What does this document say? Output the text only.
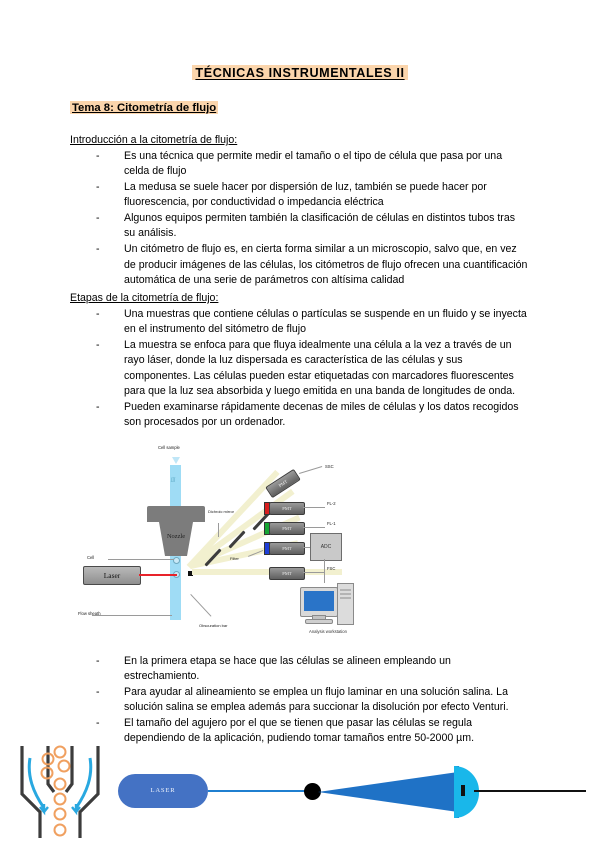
TÉCNICAS INSTRUMENTALES II
Tema 8: Citometría de flujo
Introducción a la citometría de flujo:
- Es una técnica que permite medir el tamaño o el tipo de célula que pasa por una celda de flujo
- La medusa se suele hacer por dispersión de luz, también se puede hacer por fluorescencia, por conductividad o impedancia eléctrica
- Algunos equipos permiten también la clasificación de células en distintos tubos tras su análisis.
- Un citómetro de flujo es, en cierta forma similar a un microscopio, salvo que, en vez de producir imágenes de las células, los citómetros de flujo ofrecen una cuantificación automática de una serie de parámetros con altísima calidad
Etapas de la citometría de flujo:
- Una muestras que contiene células o partículas se suspende en un fluido y se inyecta en el instrumento del sitómetro de flujo
- La muestra se enfoca para que fluya idealmente una célula a la vez a través de un rayo láser, donde la luz dispersada es característica de las células y sus componentes. Las células pueden estar etiquetadas con marcadores fluorescentes para que la luz sea absorbida y luego emitida en una banda de longitudes de onda.
- Pueden examinarse rápidamente decenas de miles de células y los datos recogidos son procesados por un ordenador.
Cell sample
∫∫∫
Nozzle
Cell
Laser
Flow sheath
Obscuration bar
Dichroic mirror
PMT
SSC
PMT
FL-2
PMT
FL-1
PMT
Filter
PMT
FSC
ADC
Analysis workstation
- En la primera etapa se hace que las células se alineen empleando un estrechamiento.
- Para ayudar al alineamiento se emplea un flujo laminar en una solución salina. La solución salina se emplea además para succionar la disolución por efecto Venturi.
- El tamaño del agujero por el que se tienen que pasar las células se regula dependiendo de la aplicación, pudiendo tomar tamaños entre 50-2000 µm.
LASER
